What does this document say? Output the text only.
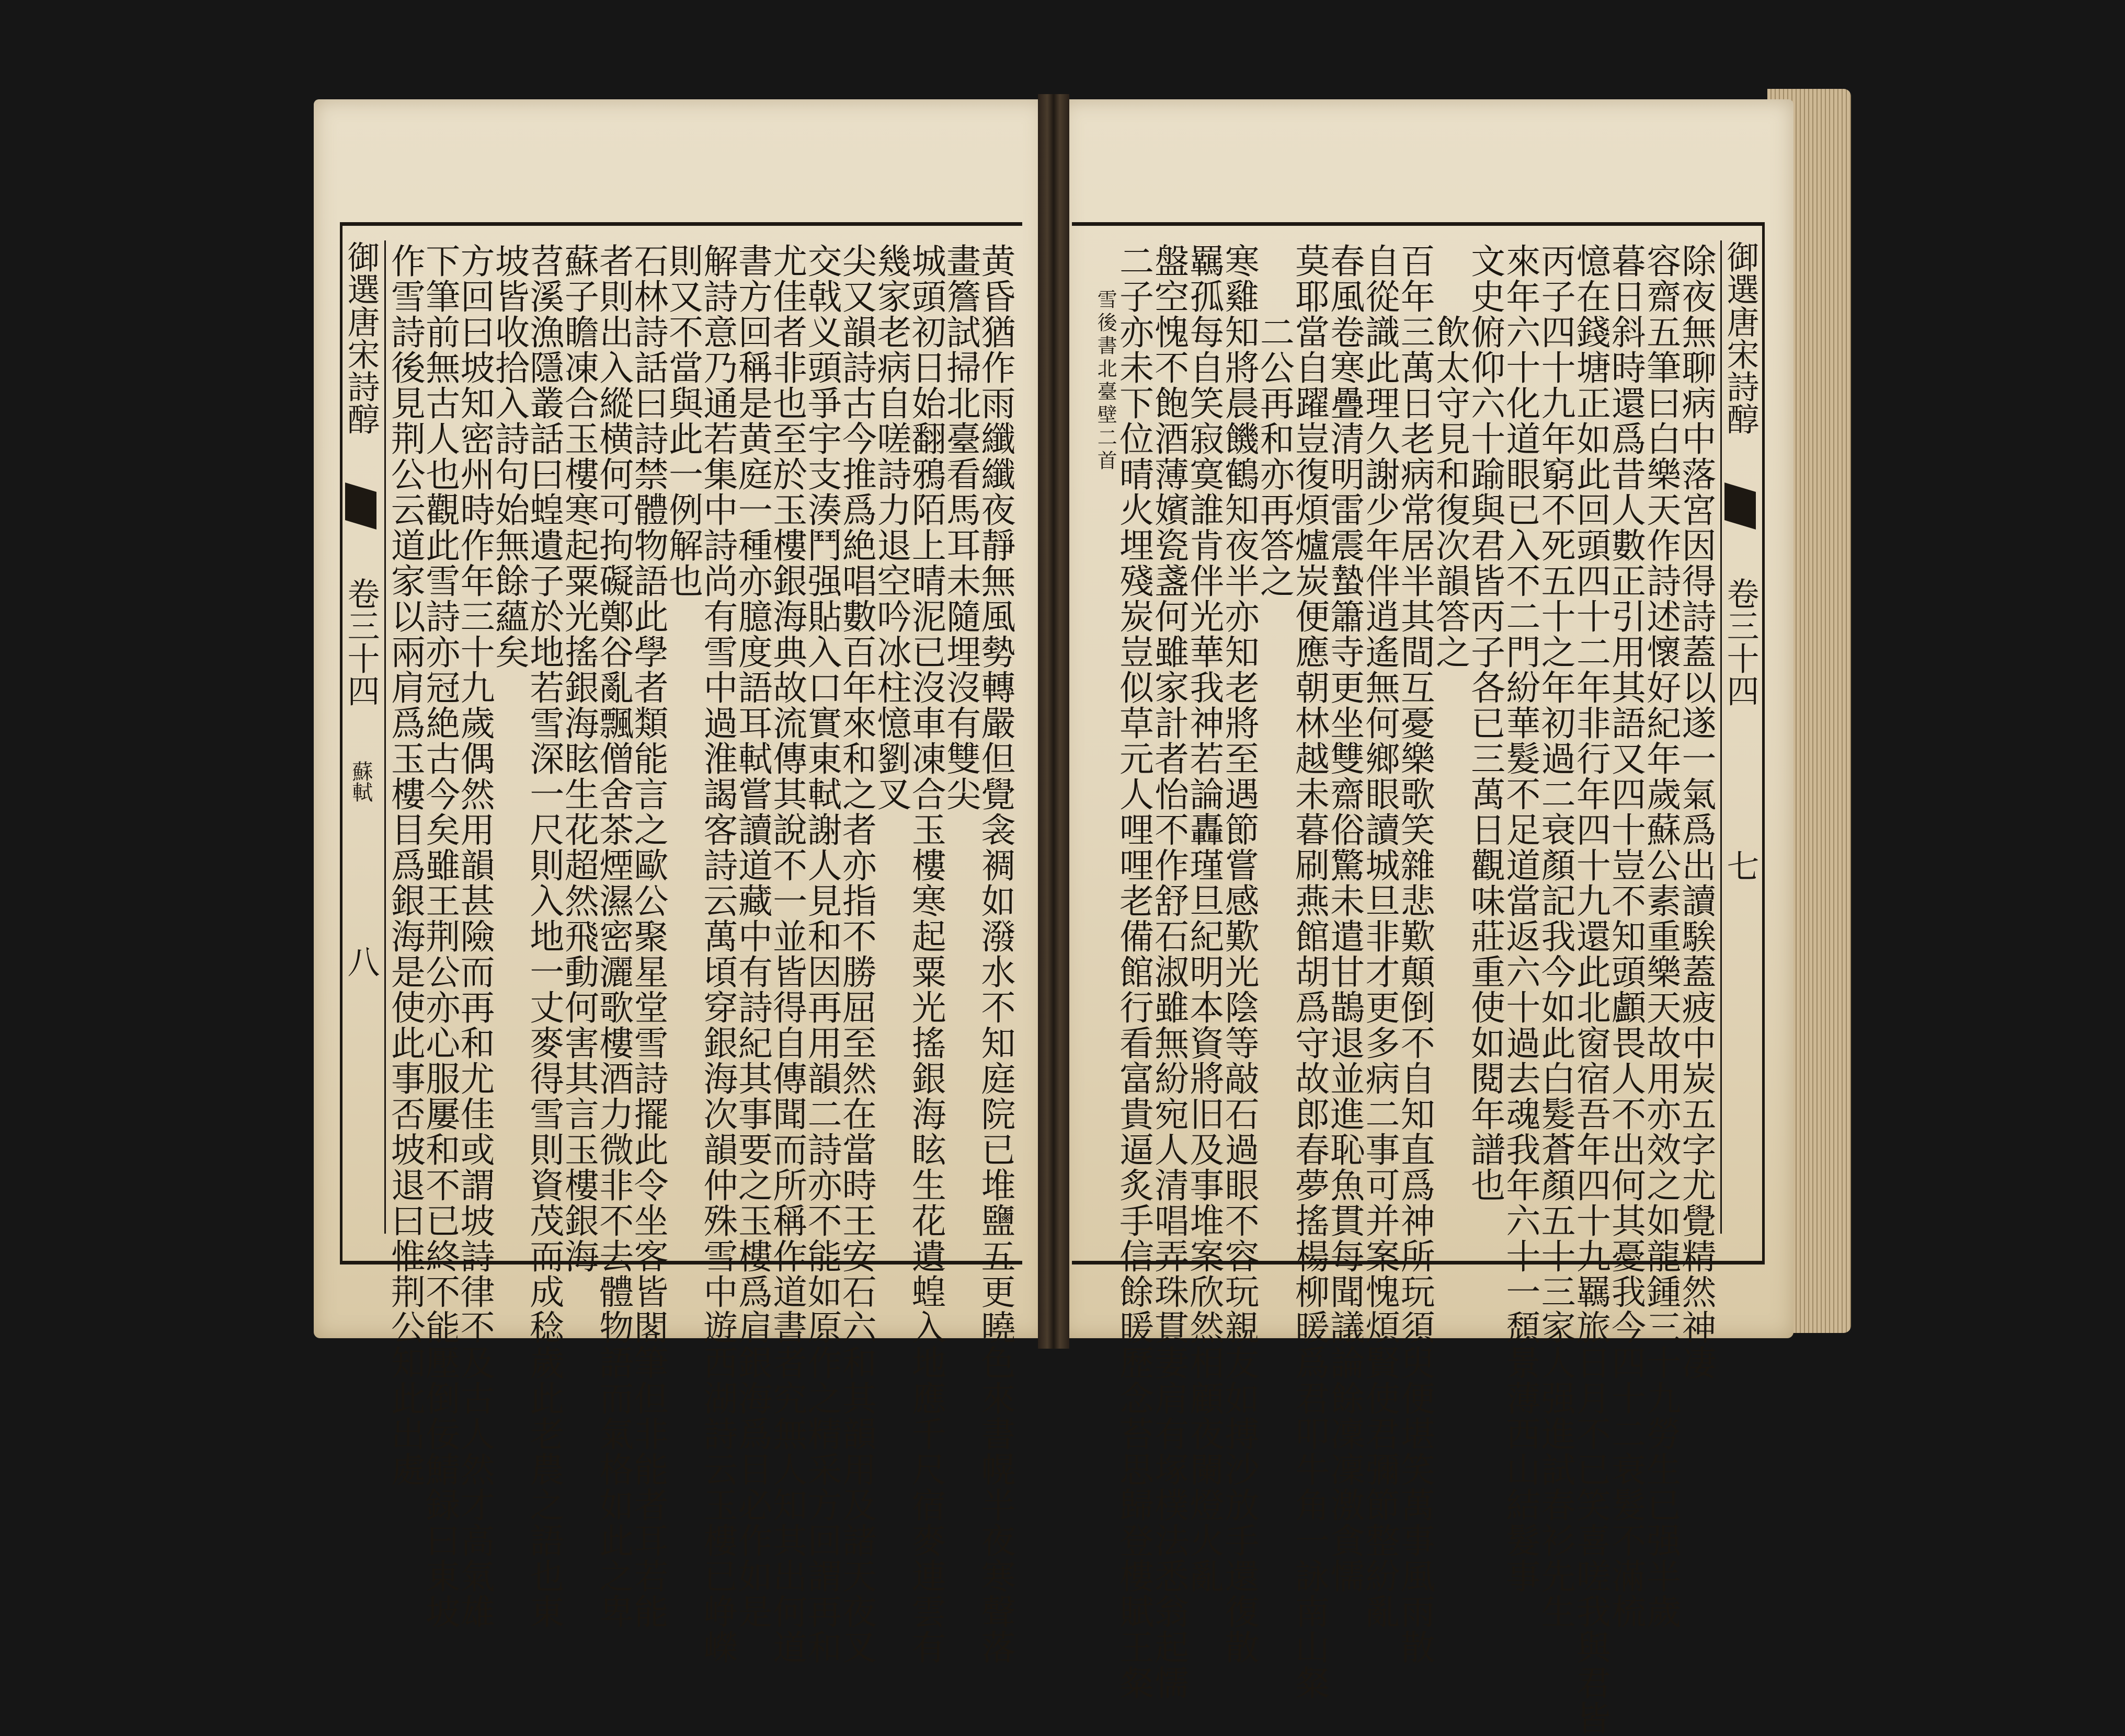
御選唐宋詩醇  卷三十四 蘇軾 八
御選唐宋詩醇  卷三十四 七
除夜無聊病中落宮因得詩蓋以遂一氣爲出讀騃蓋疲中炭五字尤覺精然神凄
容齋五筆曰白樂天作詩述懷好紀年歲蘇公素重樂天故用亦效之如龍鍾三十九勞生已强半歲
暮日斜時還爲昔人數正引用其語又四十豈不知頭顱畏人不出何其憂我今四十二衰髮不滿梳
憶在錢塘正如此回頭四十二年非行年四十九還此北窗宿吾年四十九羈旅日月不已笑喜嗟我與君皆
丙子四十九年窮不死五十之年初過二衰顏記我今如此白髮蒼顏五十三家人强進試春衫先生
來年六十化道眼已入不二門紛華髮不足道當返六十過去魂我年六十一頹景薄西山結髮事
文史俯仰六十踰與君皆丙子各已三萬日觀味莊重使如閱年譜也
　　飲太守見和復次韻答之
百年三萬日老病常居半其間互憂樂歌笑雜悲歎顛倒不自知直爲神所玩須臾便堪笑萬事風雨散
自從識此理久謝少年伴逍遙無何鄉眼讀城旦非才更多病二事可并案愧煩賢使君彌節整紛亂
春風卷寒疊清明雷震蟄簫寺更坐雙齋俗驚未遣甘鵲退並進恥魚貫每聞議論餘凜凜激貪懦
莫耶當自躍豈復煩爐炭便應朝林越未暮刷燕館胡爲守故郎春夢搖楊柳暖爲君叩牛角一詠南山粲
　　二公再和亦再答之
寒雞知將晨饑鶴知夜半亦知老將至遇節嘗感歎光陰等敲石過眼不容玩親友如搏沙放手還復散
羈孤每自笑寂寞誰肯伴光華我神若論轟瑾旦紀明本資將旧及事堆案欣然相顧夜闌燈火亂
盤空愧不飽酒薄嬪瓷盞何雖家計者怡不作舒石淑雖無紛宛人清唱弄珠貫妻肩有塚樸法悉翁起懦
二子亦未下位晴火埋殘炭豈似草元人哩哩老備館行看富貴逼炙手信餘暖歷念苔思歸登樓賦王粲
　　雪後書北臺壁二首
黄昏猶作雨纖纖夜靜無風勢轉嚴但覺衾裯如潑水不知庭院已堆鹽五更曉色來書幌半夜寒聲落
畫簷試掃北臺看馬耳未隨埋沒有雙尖
城頭初日始翻鴉陌上晴泥已沒車凍合玉樓寒起粟光搖銀海眩生花遺蝗入地應千尺宿麥連雲有
幾家老病自嗟詩力退空吟冰柱憶劉叉
尖又韻詩古今推爲絶唱數百年來和之者亦指不勝屈至然在當時王安石六和其韻用及諸天夜叉
交戟义頭爭宇支湊鬥强貼入口實東軾謝人見和因再用韻二詩亦不能如原作之精采方回謂再和
尤佳者非也至於玉樓銀海典故流傳其說不一並皆得自傳聞而所稱作道書者究無人知其出何道
書方回稱是黄庭一種亦臆度語耳軾嘗讀道藏中有詩紀其事要之玉樓爲肩銀海爲目必作如是
解詩意乃通若集中詩尚有雪中過淮謁客詩云萬頃穿銀海次韻仲殊雪中遊西湖詩云玉樓已峥嶸
則又不當與此一例解也
石林詩話曰詩禁體物語此學者類能言之歐公聚星堂雪詩擺此令坐客皆閣筆但非能者耳若能
者則出入縱横何可拘礙鄭谷亂飄僧舍茶煙濕密灑歌樓酒力微非不去體物語而氣格如此之卑
蘇子瞻凍合玉樓寒起粟光搖銀海眩生花超然飛動何害其言玉樓銀海
苕溪漁隱叢話曰蝗遺子於地若雪深一尺則入地一丈麥得雪則資茂而成稔歲此老農之語也東
坡皆收拾入詩句始無餘蘊矣
方回曰坡知密州時作年三十九歲偶然用韻甚險而再和尤佳或謂坡詩律不及古人然才高氣雄
下筆前無古人也觀此雪詩亦冠絶古今矣雖王荆公亦心服屢和不已終不能壓倒佞鯖録曰東坡
作雪詩後見荆公云道家以兩肩爲玉樓目爲銀海是使此事否坡退曰惟荆公知此出處
